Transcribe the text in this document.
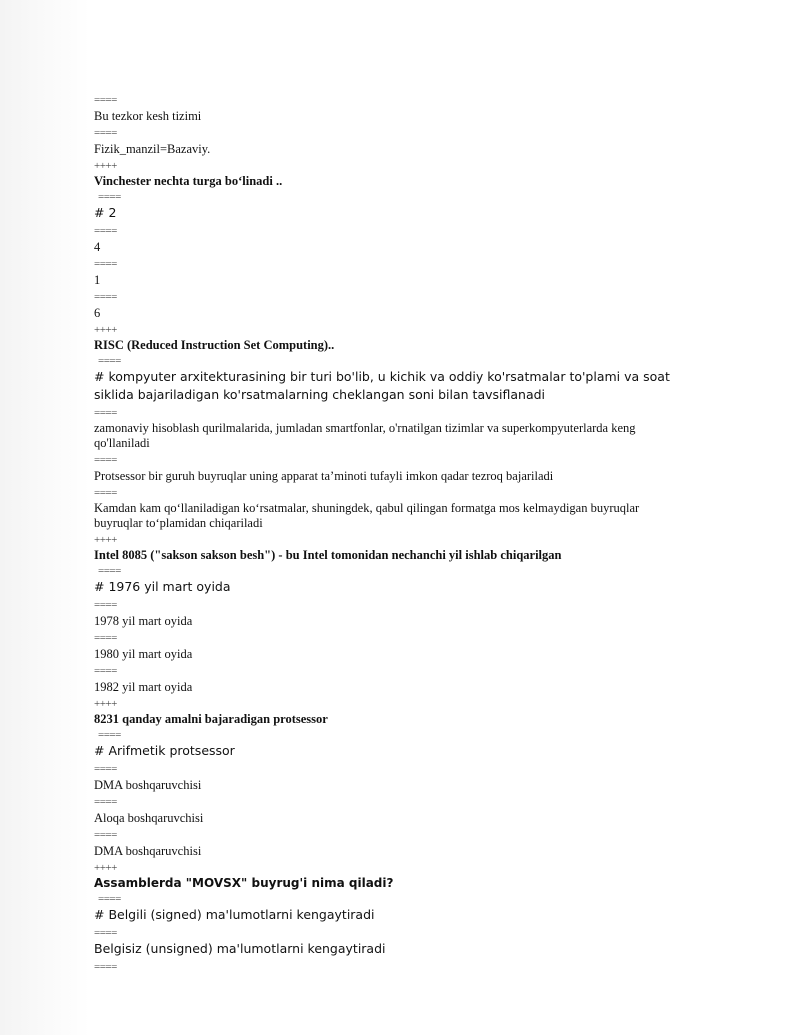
====
Bu tezkor kesh tizimi
====
Fizik_manzil=Bazaviy.
++++
Vinchester nechta turga bo‘linadi ..
====
# 2
====
4
====
1
====
6
++++
RISC (Reduced Instruction Set Computing)..
====
# kompyuter arxitekturasining bir turi bo'lib, u kichik va oddiy ko'rsatmalar to'plami va soat siklida bajariladigan ko'rsatmalarning cheklangan soni bilan tavsiflanadi
====
zamonaviy hisoblash qurilmalarida, jumladan smartfonlar, o'rnatilgan tizimlar va superkompyuterlarda keng qo'llaniladi
====
Protsessor bir guruh buyruqlar uning apparat ta’minoti tufayli imkon qadar tezroq bajariladi
====
Kamdan kam qo‘llaniladigan ko‘rsatmalar, shuningdek, qabul qilingan formatga mos kelmaydigan buyruqlar buyruqlar to‘plamidan chiqariladi
++++
Intel 8085 ("sakson sakson besh") - bu Intel tomonidan nechanchi yil ishlab chiqarilgan
====
# 1976 yil mart oyida
====
1978 yil mart oyida
====
1980 yil mart oyida
====
1982 yil mart oyida
++++
8231 qanday amalni bajaradigan protsessor
====
# Arifmetik protsessor
====
DMA boshqaruvchisi
====
Aloqa boshqaruvchisi
====
DMA boshqaruvchisi
++++
Assamblerda "MOVSX" buyrug'i nima qiladi?
====
# Belgili (signed) ma'lumotlarni kengaytiradi
====
Belgisiz (unsigned) ma'lumotlarni kengaytiradi
====
